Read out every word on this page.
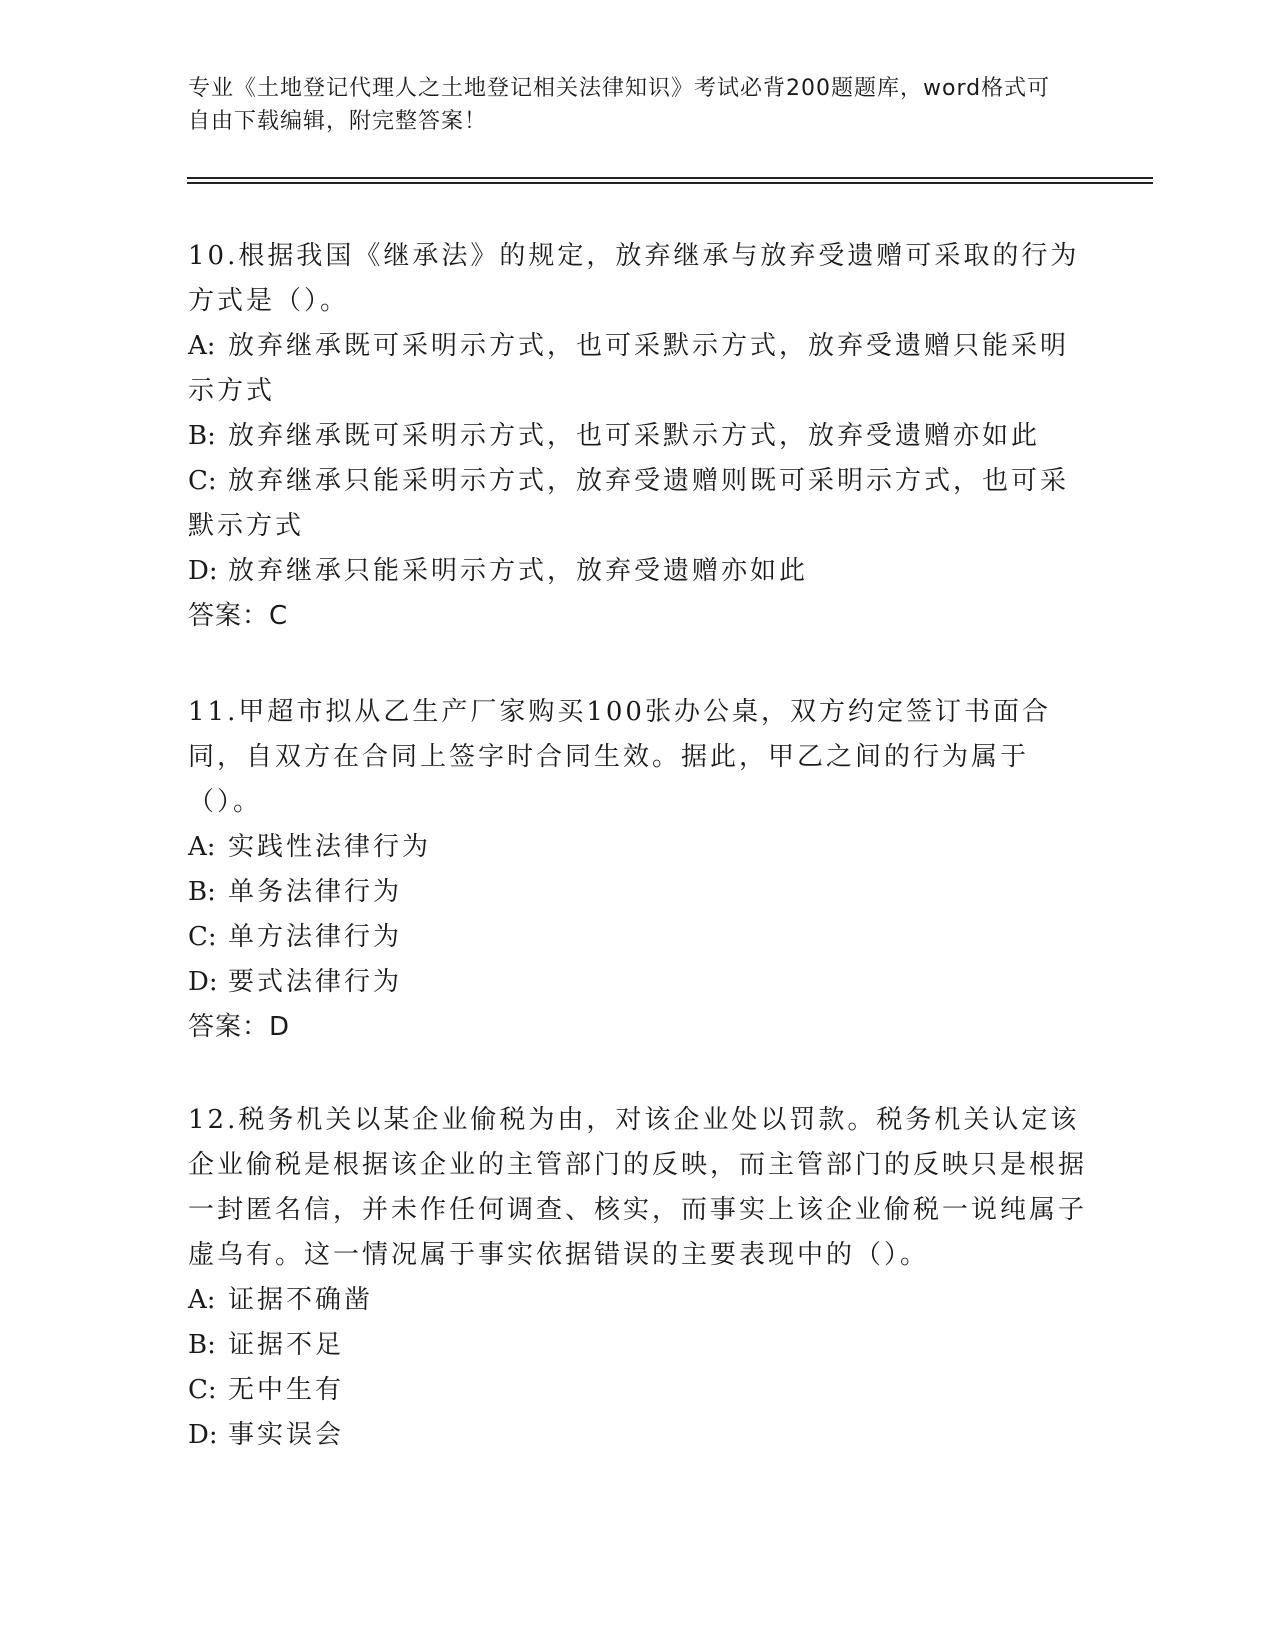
专业《土地登记代理人之土地登记相关法律知识》考试必背200题题库，word格式可自由下载编辑，附完整答案！

10.根据我国《继承法》的规定，放弃继承与放弃受遗赠可采取的行为方式是（）。

A: 放弃继承既可采明示方式，也可采默示方式，放弃受遗赠只能采明示方式

B: 放弃继承既可采明示方式，也可采默示方式，放弃受遗赠亦如此

C: 放弃继承只能采明示方式，放弃受遗赠则既可采明示方式，也可采默示方式

D: 放弃继承只能采明示方式，放弃受遗赠亦如此

答案：C

11.甲超市拟从乙生产厂家购买100张办公桌，双方约定签订书面合同，自双方在合同上签字时合同生效。据此，甲乙之间的行为属于（）。

A: 实践性法律行为

B: 单务法律行为

C: 单方法律行为

D: 要式法律行为

答案：D

12.税务机关以某企业偷税为由，对该企业处以罚款。税务机关认定该企业偷税是根据该企业的主管部门的反映，而主管部门的反映只是根据一封匿名信，并未作任何调查、核实，而事实上该企业偷税一说纯属子虚乌有。这一情况属于事实依据错误的主要表现中的（）。

A: 证据不确凿

B: 证据不足

C: 无中生有

D: 事实误会
